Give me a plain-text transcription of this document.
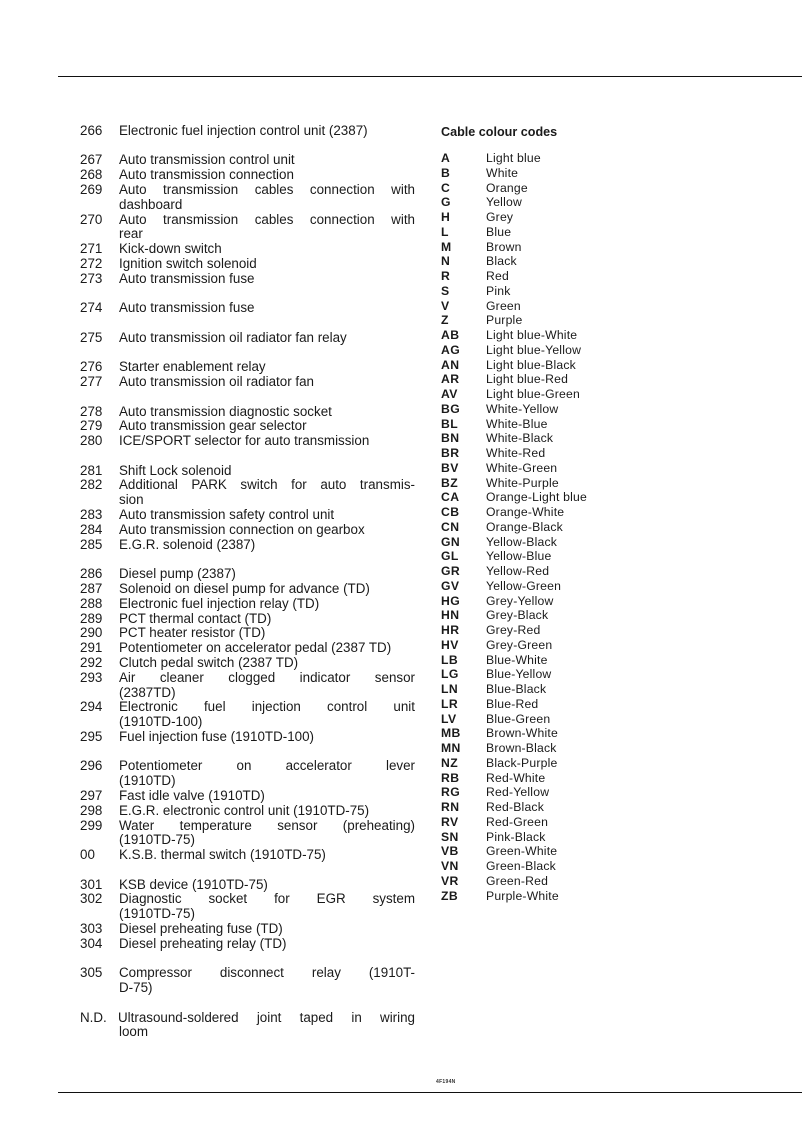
266	Electronic fuel injection control unit (2387)
267	Auto transmission control unit
268	Auto transmission connection
269	Auto transmission cables connection with
dashboard
270	Auto transmission cables connection with
rear
271	Kick-down switch
272	Ignition switch solenoid
273	Auto transmission fuse
274	Auto transmission fuse
275	Auto transmission oil radiator fan relay
276	Starter enablement relay
277	Auto transmission oil radiator fan
278	Auto transmission diagnostic socket
279	Auto transmission gear selector
280	ICE/SPORT selector for auto transmission
281	Shift Lock solenoid
282	Additional PARK switch for auto transmis-
sion
283	Auto transmission safety control unit
284	Auto transmission connection on gearbox
285	E.G.R. solenoid (2387)
286	Diesel pump (2387)
287	Solenoid on diesel pump for advance (TD)
288	Electronic fuel injection relay (TD)
289	PCT thermal contact (TD)
290	PCT heater resistor (TD)
291	Potentiometer on accelerator pedal (2387 TD)
292	Clutch pedal switch (2387 TD)
293	Air cleaner clogged indicator sensor
(2387TD)
294	Electronic fuel injection control unit
(1910TD-100)
295	Fuel injection fuse (1910TD-100)
296	Potentiometer on accelerator lever
(1910TD)
297	Fast idle valve (1910TD)
298	E.G.R. electronic control unit (1910TD-75)
299	Water temperature sensor (preheating)
(1910TD-75)
00	K.S.B. thermal switch (1910TD-75)
301	KSB device (1910TD-75)
302	Diagnostic socket for EGR system
(1910TD-75)
303	Diesel preheating fuse (TD)
304	Diesel preheating relay (TD)
305	Compressor disconnect relay (1910T-
D-75)
N.D. Ultrasound-soldered joint taped in wiring
loom
Cable colour codes
A	Light blue
B	White
C	Orange
G	Yellow
H	Grey
L	Blue
M	Brown
N	Black
R	Red
S	Pink
V	Green
Z	Purple
AB	Light blue-White
AG	Light blue-Yellow
AN	Light blue-Black
AR	Light blue-Red
AV	Light blue-Green
BG	White-Yellow
BL	White-Blue
BN	White-Black
BR	White-Red
BV	White-Green
BZ	White-Purple
CA	Orange-Light blue
CB	Orange-White
CN	Orange-Black
GN	Yellow-Black
GL	Yellow-Blue
GR	Yellow-Red
GV	Yellow-Green
HG	Grey-Yellow
HN	Grey-Black
HR	Grey-Red
HV	Grey-Green
LB	Blue-White
LG	Blue-Yellow
LN	Blue-Black
LR	Blue-Red
LV	Blue-Green
MB	Brown-White
MN	Brown-Black
NZ	Black-Purple
RB	Red-White
RG	Red-Yellow
RN	Red-Black
RV	Red-Green
SN	Pink-Black
VB	Green-White
VN	Green-Black
VR	Green-Red
ZB	Purple-White
4F194N
